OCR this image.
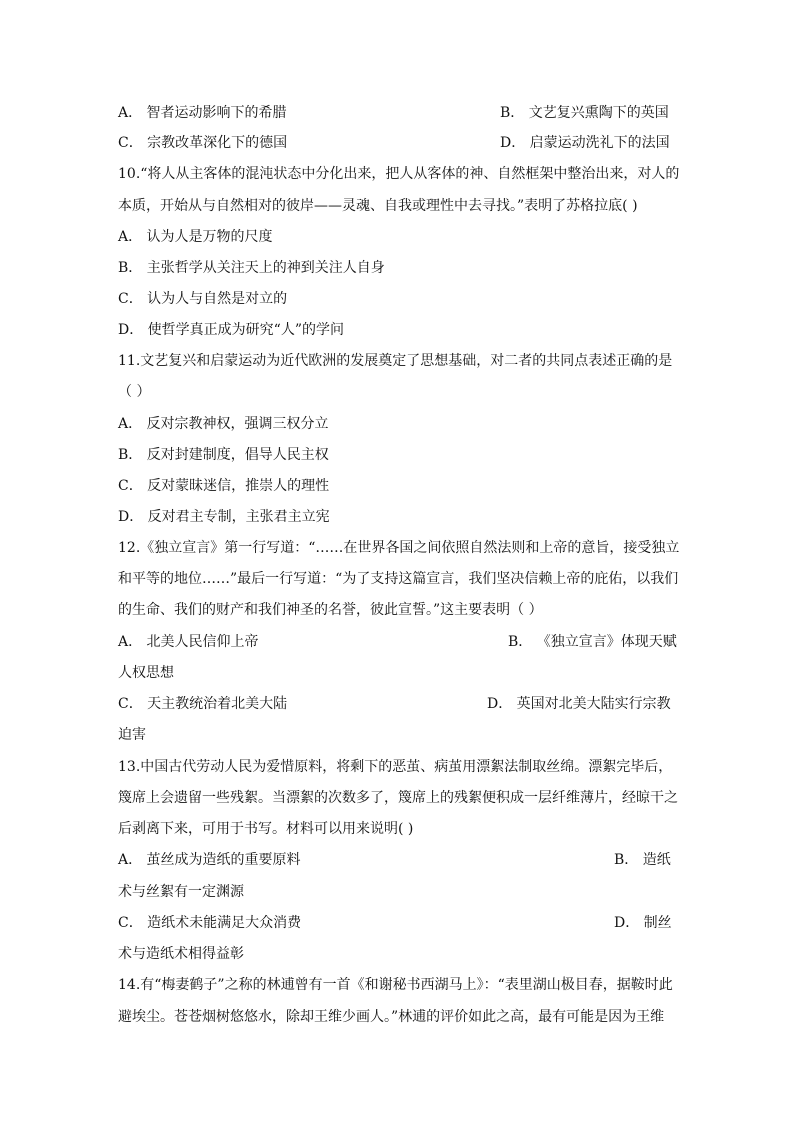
A． 智者运动影响下的希腊	B． 文艺复兴熏陶下的英国
C． 宗教改革深化下的德国	D． 启蒙运动洗礼下的法国
10.“将人从主客体的混沌状态中分化出来，把人从客体的神、自然框架中整治出来，对人的
本质，开始从与自然相对的彼岸——灵魂、自我或理性中去寻找。”表明了苏格拉底( )
A． 认为人是万物的尺度
B． 主张哲学从关注天上的神到关注人自身
C． 认为人与自然是对立的
D． 使哲学真正成为研究“人”的学问
11.文艺复兴和启蒙运动为近代欧洲的发展奠定了思想基础，对二者的共同点表述正确的是
（ ）
A． 反对宗教神权，强调三权分立
B． 反对封建制度，倡导人民主权
C． 反对蒙昧迷信，推崇人的理性
D． 反对君主专制，主张君主立宪
12.《独立宣言》第一行写道：“……在世界各国之间依照自然法则和上帝的意旨，接受独立
和平等的地位……”最后一行写道：“为了支持这篇宣言，我们坚决信赖上帝的庇佑，以我们
的生命、我们的财产和我们神圣的名誉，彼此宣誓。”这主要表明（ ）
A． 北美人民信仰上帝	B． 《独立宣言》体现天赋
人权思想
C． 天主教统治着北美大陆	D． 英国对北美大陆实行宗教
迫害
13.中国古代劳动人民为爱惜原料，将剩下的恶茧、病茧用漂絮法制取丝绵。漂絮完毕后，
篾席上会遗留一些残絮。当漂絮的次数多了，篾席上的残絮便积成一层纤维薄片，经晾干之
后剥离下来，可用于书写。材料可以用来说明( )
A． 茧丝成为造纸的重要原料	B． 造纸
术与丝絮有一定渊源
C． 造纸术未能满足大众消费	D． 制丝
术与造纸术相得益彰
14.有“梅妻鹤子”之称的林逋曾有一首《和谢秘书西湖马上》：“表里湖山极目春，据鞍时此
避埃尘。苍苍烟树悠悠水，除却王维少画人。”林逋的评价如此之高，最有可能是因为王维
